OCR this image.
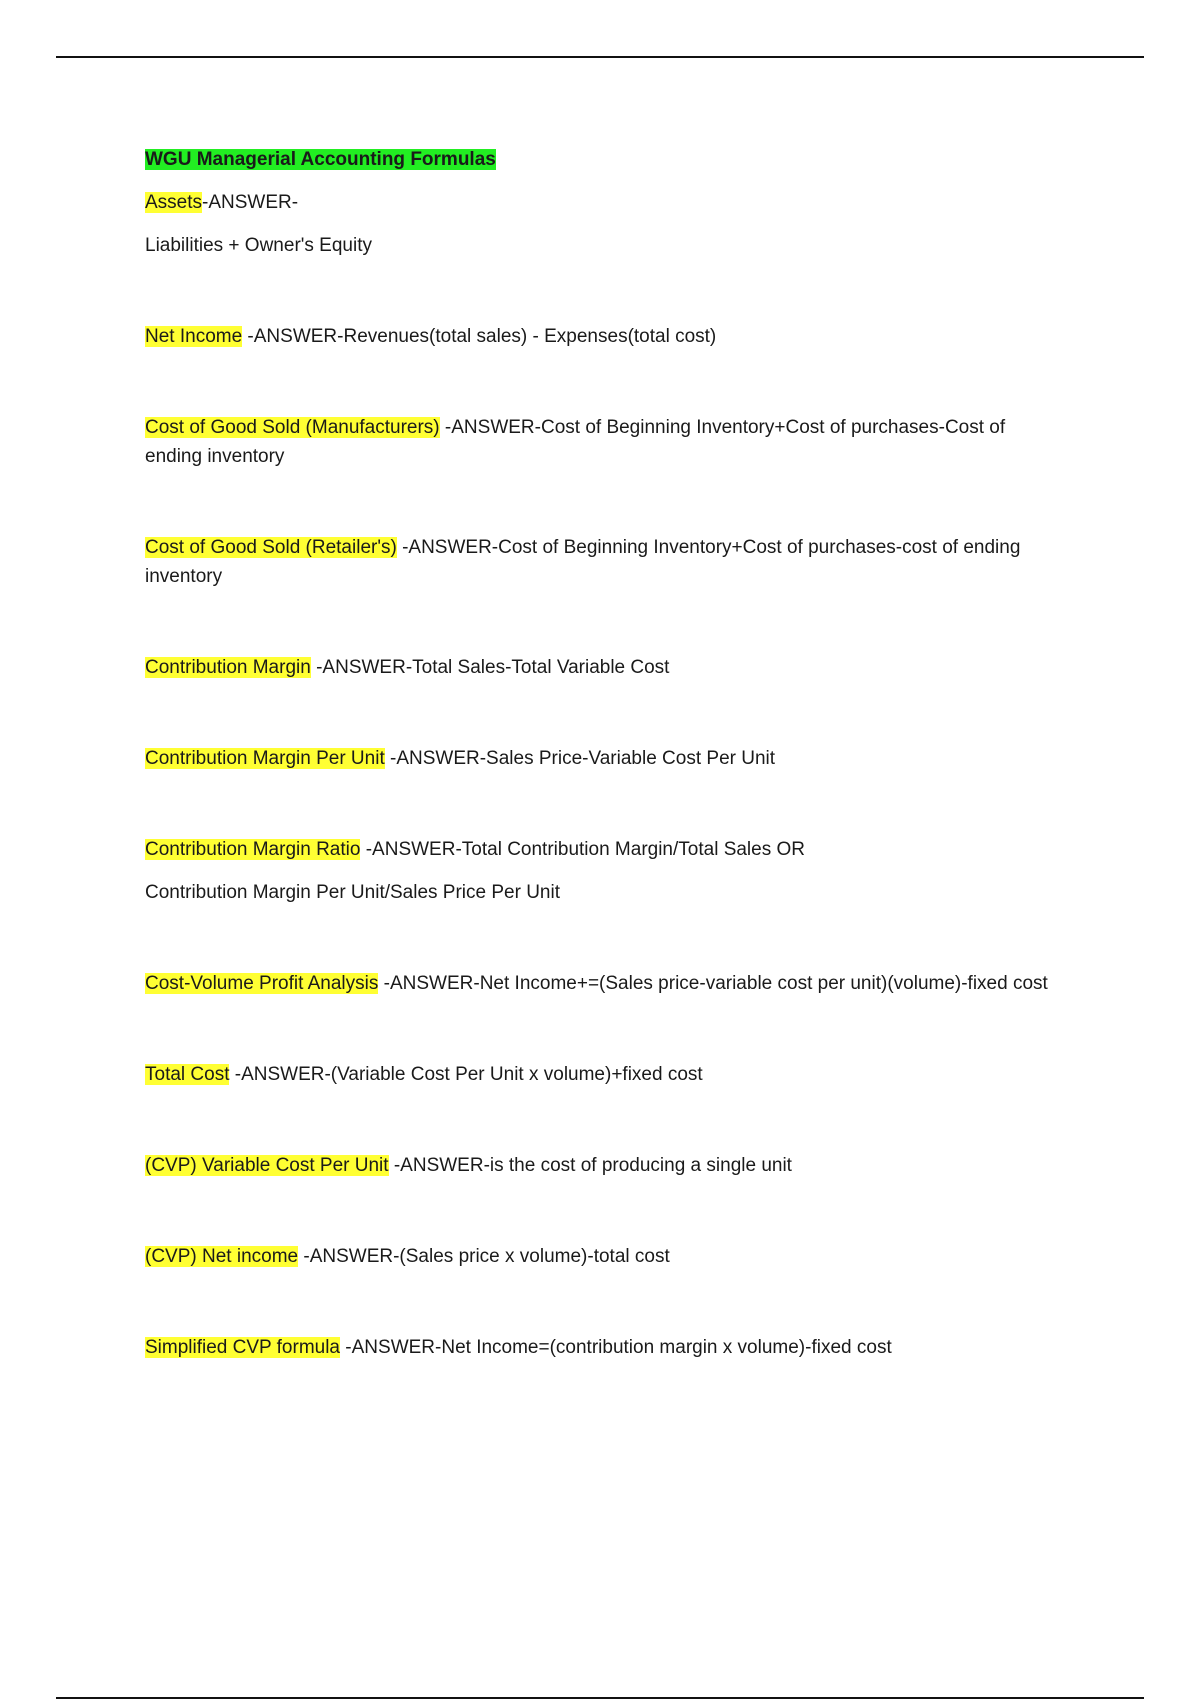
WGU Managerial Accounting Formulas

Assets-ANSWER-

Liabilities + Owner's Equity

Net Income -ANSWER-Revenues(total sales) - Expenses(total cost)

Cost of Good Sold (Manufacturers) -ANSWER-Cost of Beginning Inventory+Cost of purchases-Cost of ending inventory

Cost of Good Sold (Retailer's) -ANSWER-Cost of Beginning Inventory+Cost of purchases-cost of ending inventory

Contribution Margin -ANSWER-Total Sales-Total Variable Cost

Contribution Margin Per Unit -ANSWER-Sales Price-Variable Cost Per Unit

Contribution Margin Ratio -ANSWER-Total Contribution Margin/Total Sales OR

Contribution Margin Per Unit/Sales Price Per Unit

Cost-Volume Profit Analysis -ANSWER-Net Income+=(Sales price-variable cost per unit)(volume)-fixed cost

Total Cost -ANSWER-(Variable Cost Per Unit x volume)+fixed cost

(CVP) Variable Cost Per Unit -ANSWER-is the cost of producing a single unit

(CVP) Net income -ANSWER-(Sales price x volume)-total cost

Simplified CVP formula -ANSWER-Net Income=(contribution margin x volume)-fixed cost
